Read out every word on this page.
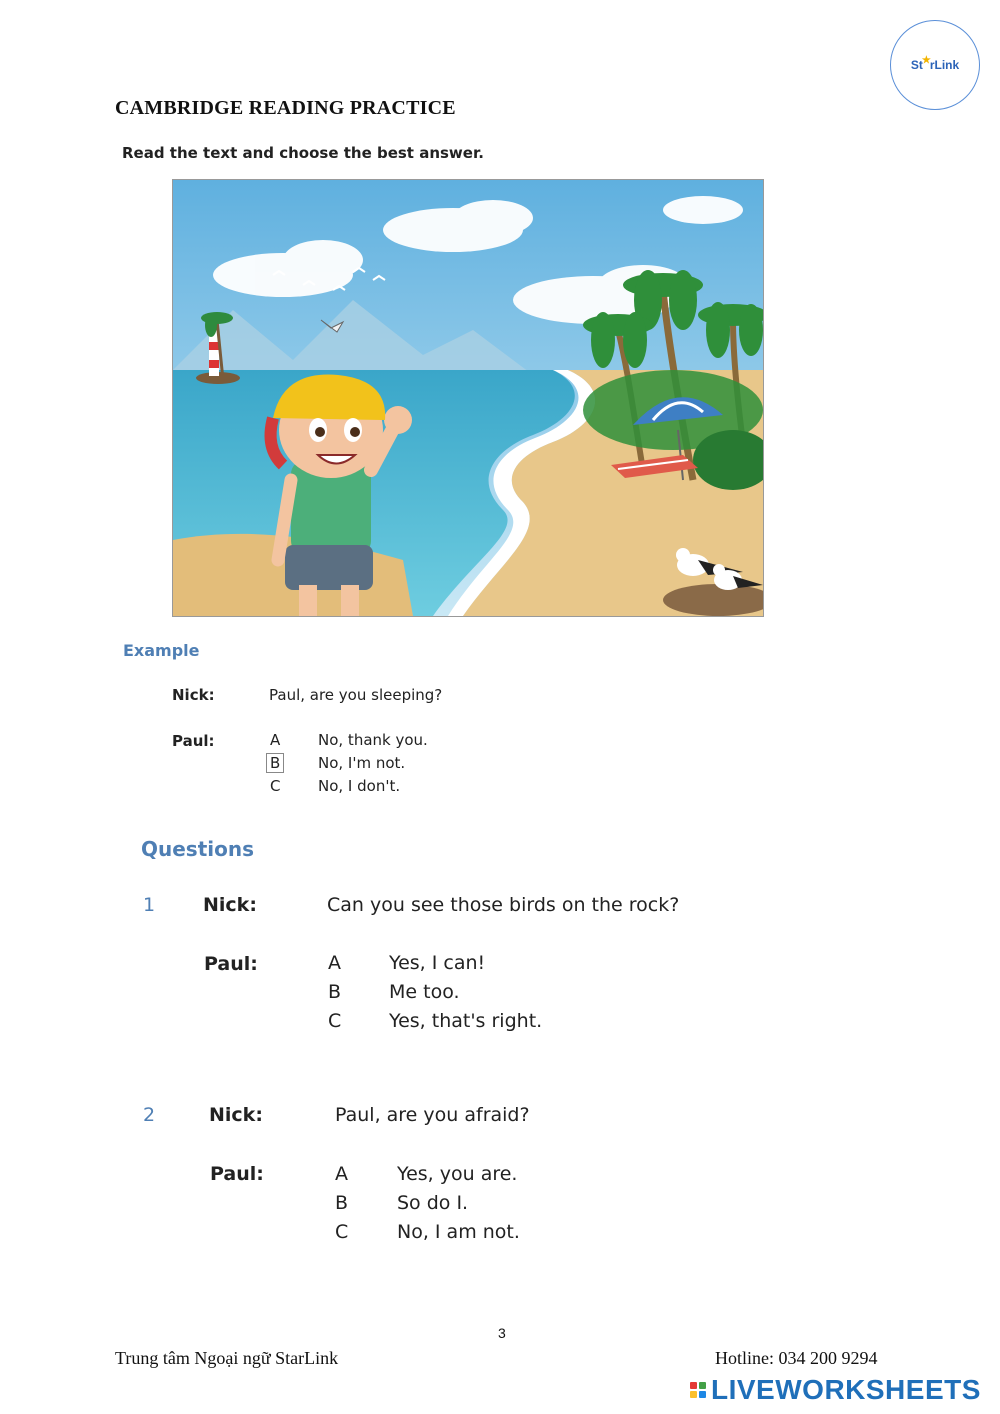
St★rLink
CAMBRIDGE READING PRACTICE
Read the text and choose the best answer.
Example
Nick:	Paul, are you sleeping?
Paul:	A	No, thank you.
B	No, I'm not.
C	No, I don't.
Questions
1	Nick:	Can you see those birds on the rock?
Paul:	A	Yes, I can!
B	Me too.
C	Yes, that's right.
2	Nick:	Paul, are you afraid?
Paul:	A	Yes, you are.
B	So do I.
C	No, I am not.
3
Trung tâm Ngoại ngữ StarLink	Hotline: 034 200 9294
LIVEWORKSHEETS
